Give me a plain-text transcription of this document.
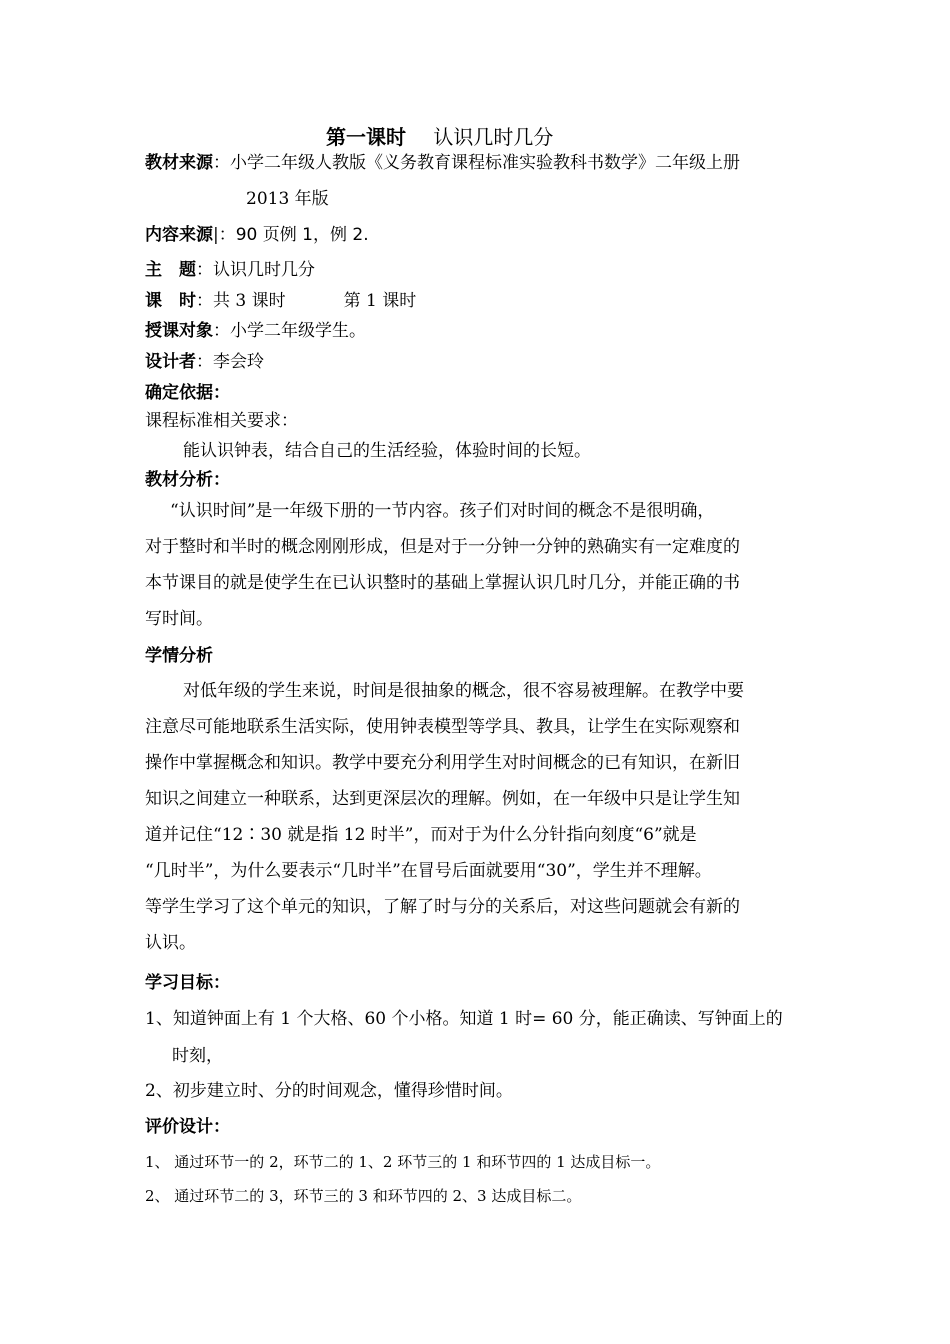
第一课时 认识几时几分
教材来源：小学二年级人教版《义务教育课程标准实验教科书数学》二年级上册
2013 年版
内容来源|：90 页例 1，例 2.
主　题：认识几时几分
课　时：共 3 课时	第 1 课时
授课对象：小学二年级学生。
设计者：李会玲
确定依据：
课程标准相关要求：
能认识钟表，结合自己的生活经验，体验时间的长短。
教材分析：
“认识时间”是一年级下册的一节内容。孩子们对时间的概念不是很明确，
对于整时和半时的概念刚刚形成，但是对于一分钟一分钟的熟确实有一定难度的
本节课目的就是使学生在已认识整时的基础上掌握认识几时几分，并能正确的书
写时间。
学情分析
对低年级的学生来说，时间是很抽象的概念，很不容易被理解。在教学中要
注意尽可能地联系生活实际，使用钟表模型等学具、教具，让学生在实际观察和
操作中掌握概念和知识。教学中要充分利用学生对时间概念的已有知识，在新旧
知识之间建立一种联系，达到更深层次的理解。例如，在一年级中只是让学生知
道并记住“12∶30 就是指 12 时半”，而对于为什么分针指向刻度“6”就是
“几时半”，为什么要表示“几时半”在冒号后面就要用“30”，学生并不理解。
等学生学习了这个单元的知识，了解了时与分的关系后，对这些问题就会有新的
认识。
学习目标：
1、知道钟面上有 1 个大格、60 个小格。知道 1 时= 60 分，能正确读、写钟面上的
时刻，
2、初步建立时、分的时间观念，懂得珍惜时间。
评价设计：
1、 通过环节一的 2，环节二的 1、2 环节三的 1 和环节四的 1 达成目标一。
2、 通过环节二的 3，环节三的 3 和环节四的 2、3 达成目标二。
